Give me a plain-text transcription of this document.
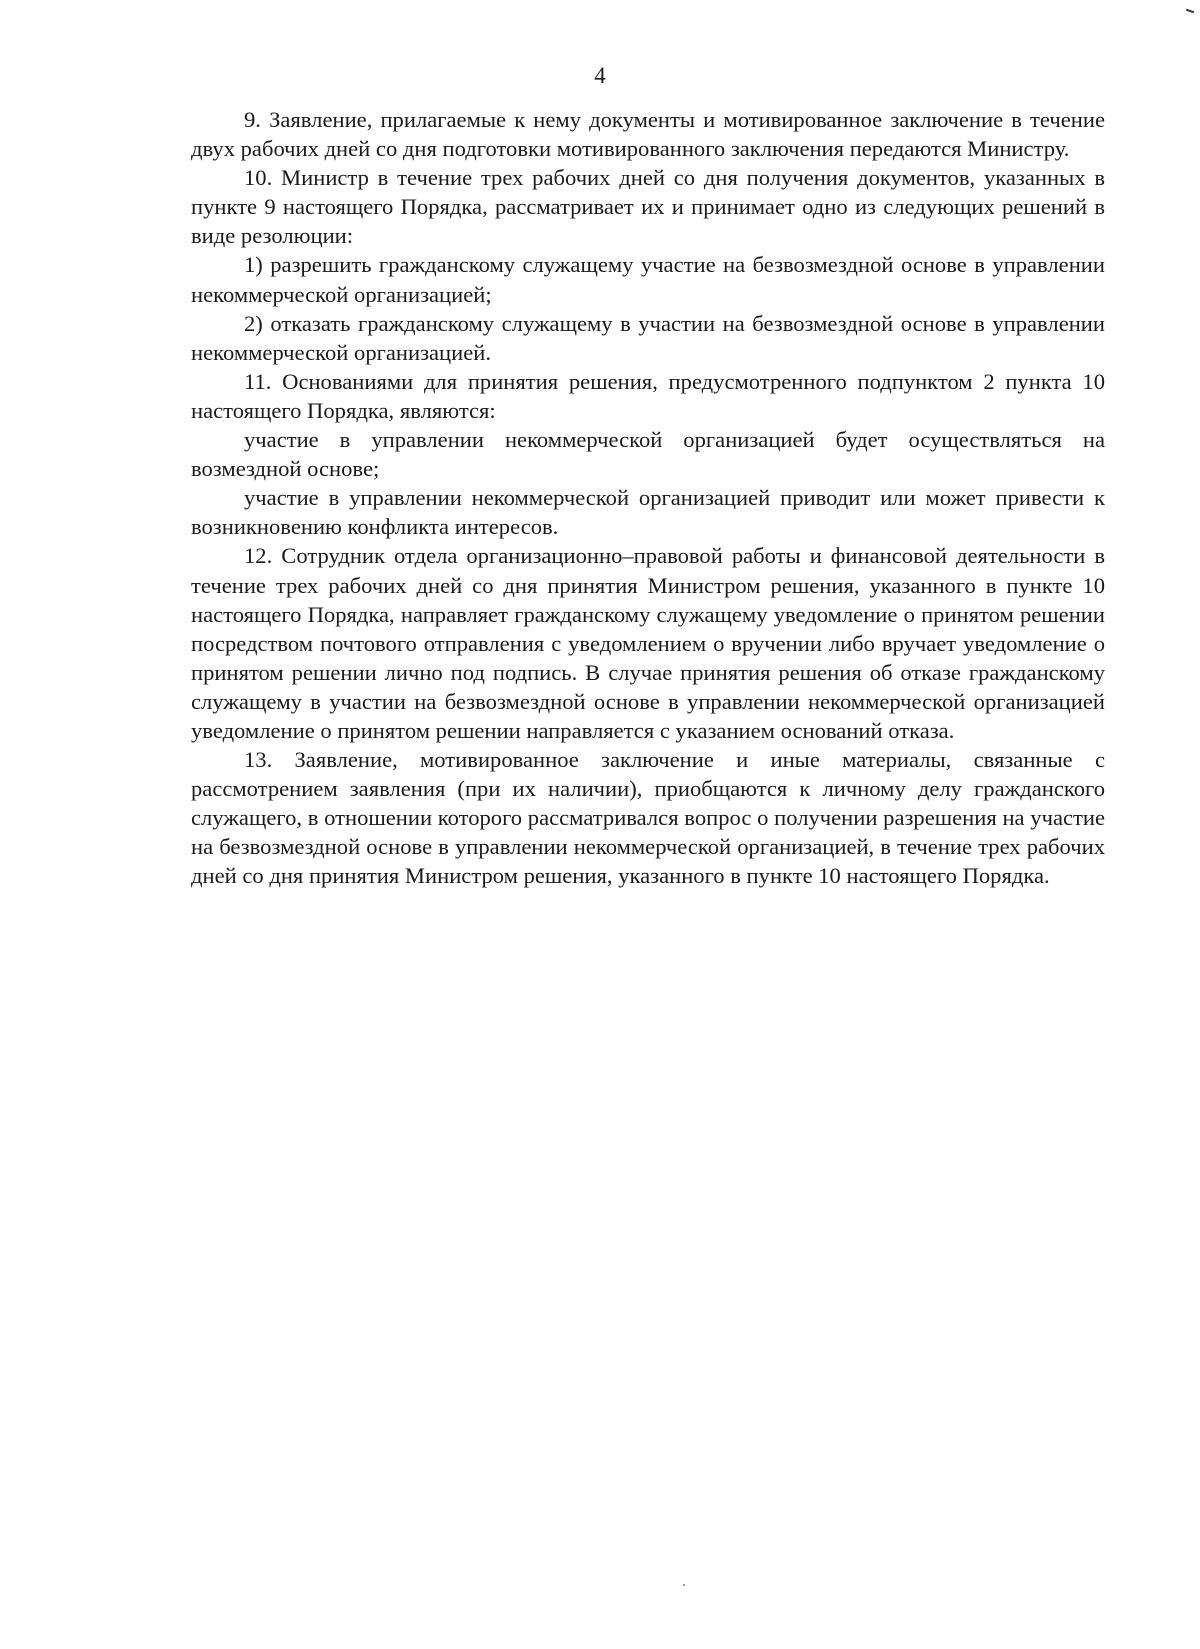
4

9. Заявление, прилагаемые к нему документы и мотивированное заключение в течение двух рабочих дней со дня подготовки мотивированного заключения передаются Министру.

10. Министр в течение трех рабочих дней со дня получения документов, указанных в пункте 9 настоящего Порядка, рассматривает их и принимает одно из следующих решений в виде резолюции:

1) разрешить гражданскому служащему участие на безвозмездной основе в управлении некоммерческой организацией;

2) отказать гражданскому служащему в участии на безвозмездной основе в управлении некоммерческой организацией.

11. Основаниями для принятия решения, предусмотренного подпунктом 2 пункта 10 настоящего Порядка, являются:

участие в управлении некоммерческой организацией будет осуществляться на возмездной основе;

участие в управлении некоммерческой организацией приводит или может привести к возникновению конфликта интересов.

12. Сотрудник отдела организационно–правовой работы и финансовой деятельности в течение трех рабочих дней со дня принятия Министром решения, указанного в пункте 10 настоящего Порядка, направляет гражданскому служащему уведомление о принятом решении посредством почтового отправления с уведомлением о вручении либо вручает уведомление о принятом решении лично под подпись. В случае принятия решения об отказе гражданскому служащему в участии на безвозмездной основе в управлении некоммерческой организацией уведомление о принятом решении направляется с указанием оснований отказа.

13. Заявление, мотивированное заключение и иные материалы, связанные с рассмотрением заявления (при их наличии), приобщаются к личному делу гражданского служащего, в отношении которого рассматривался вопрос о получении разрешения на участие на безвозмездной основе в управлении некоммерческой организацией, в течение трех рабочих дней со дня принятия Министром решения, указанного в пункте 10 настоящего Порядка.
